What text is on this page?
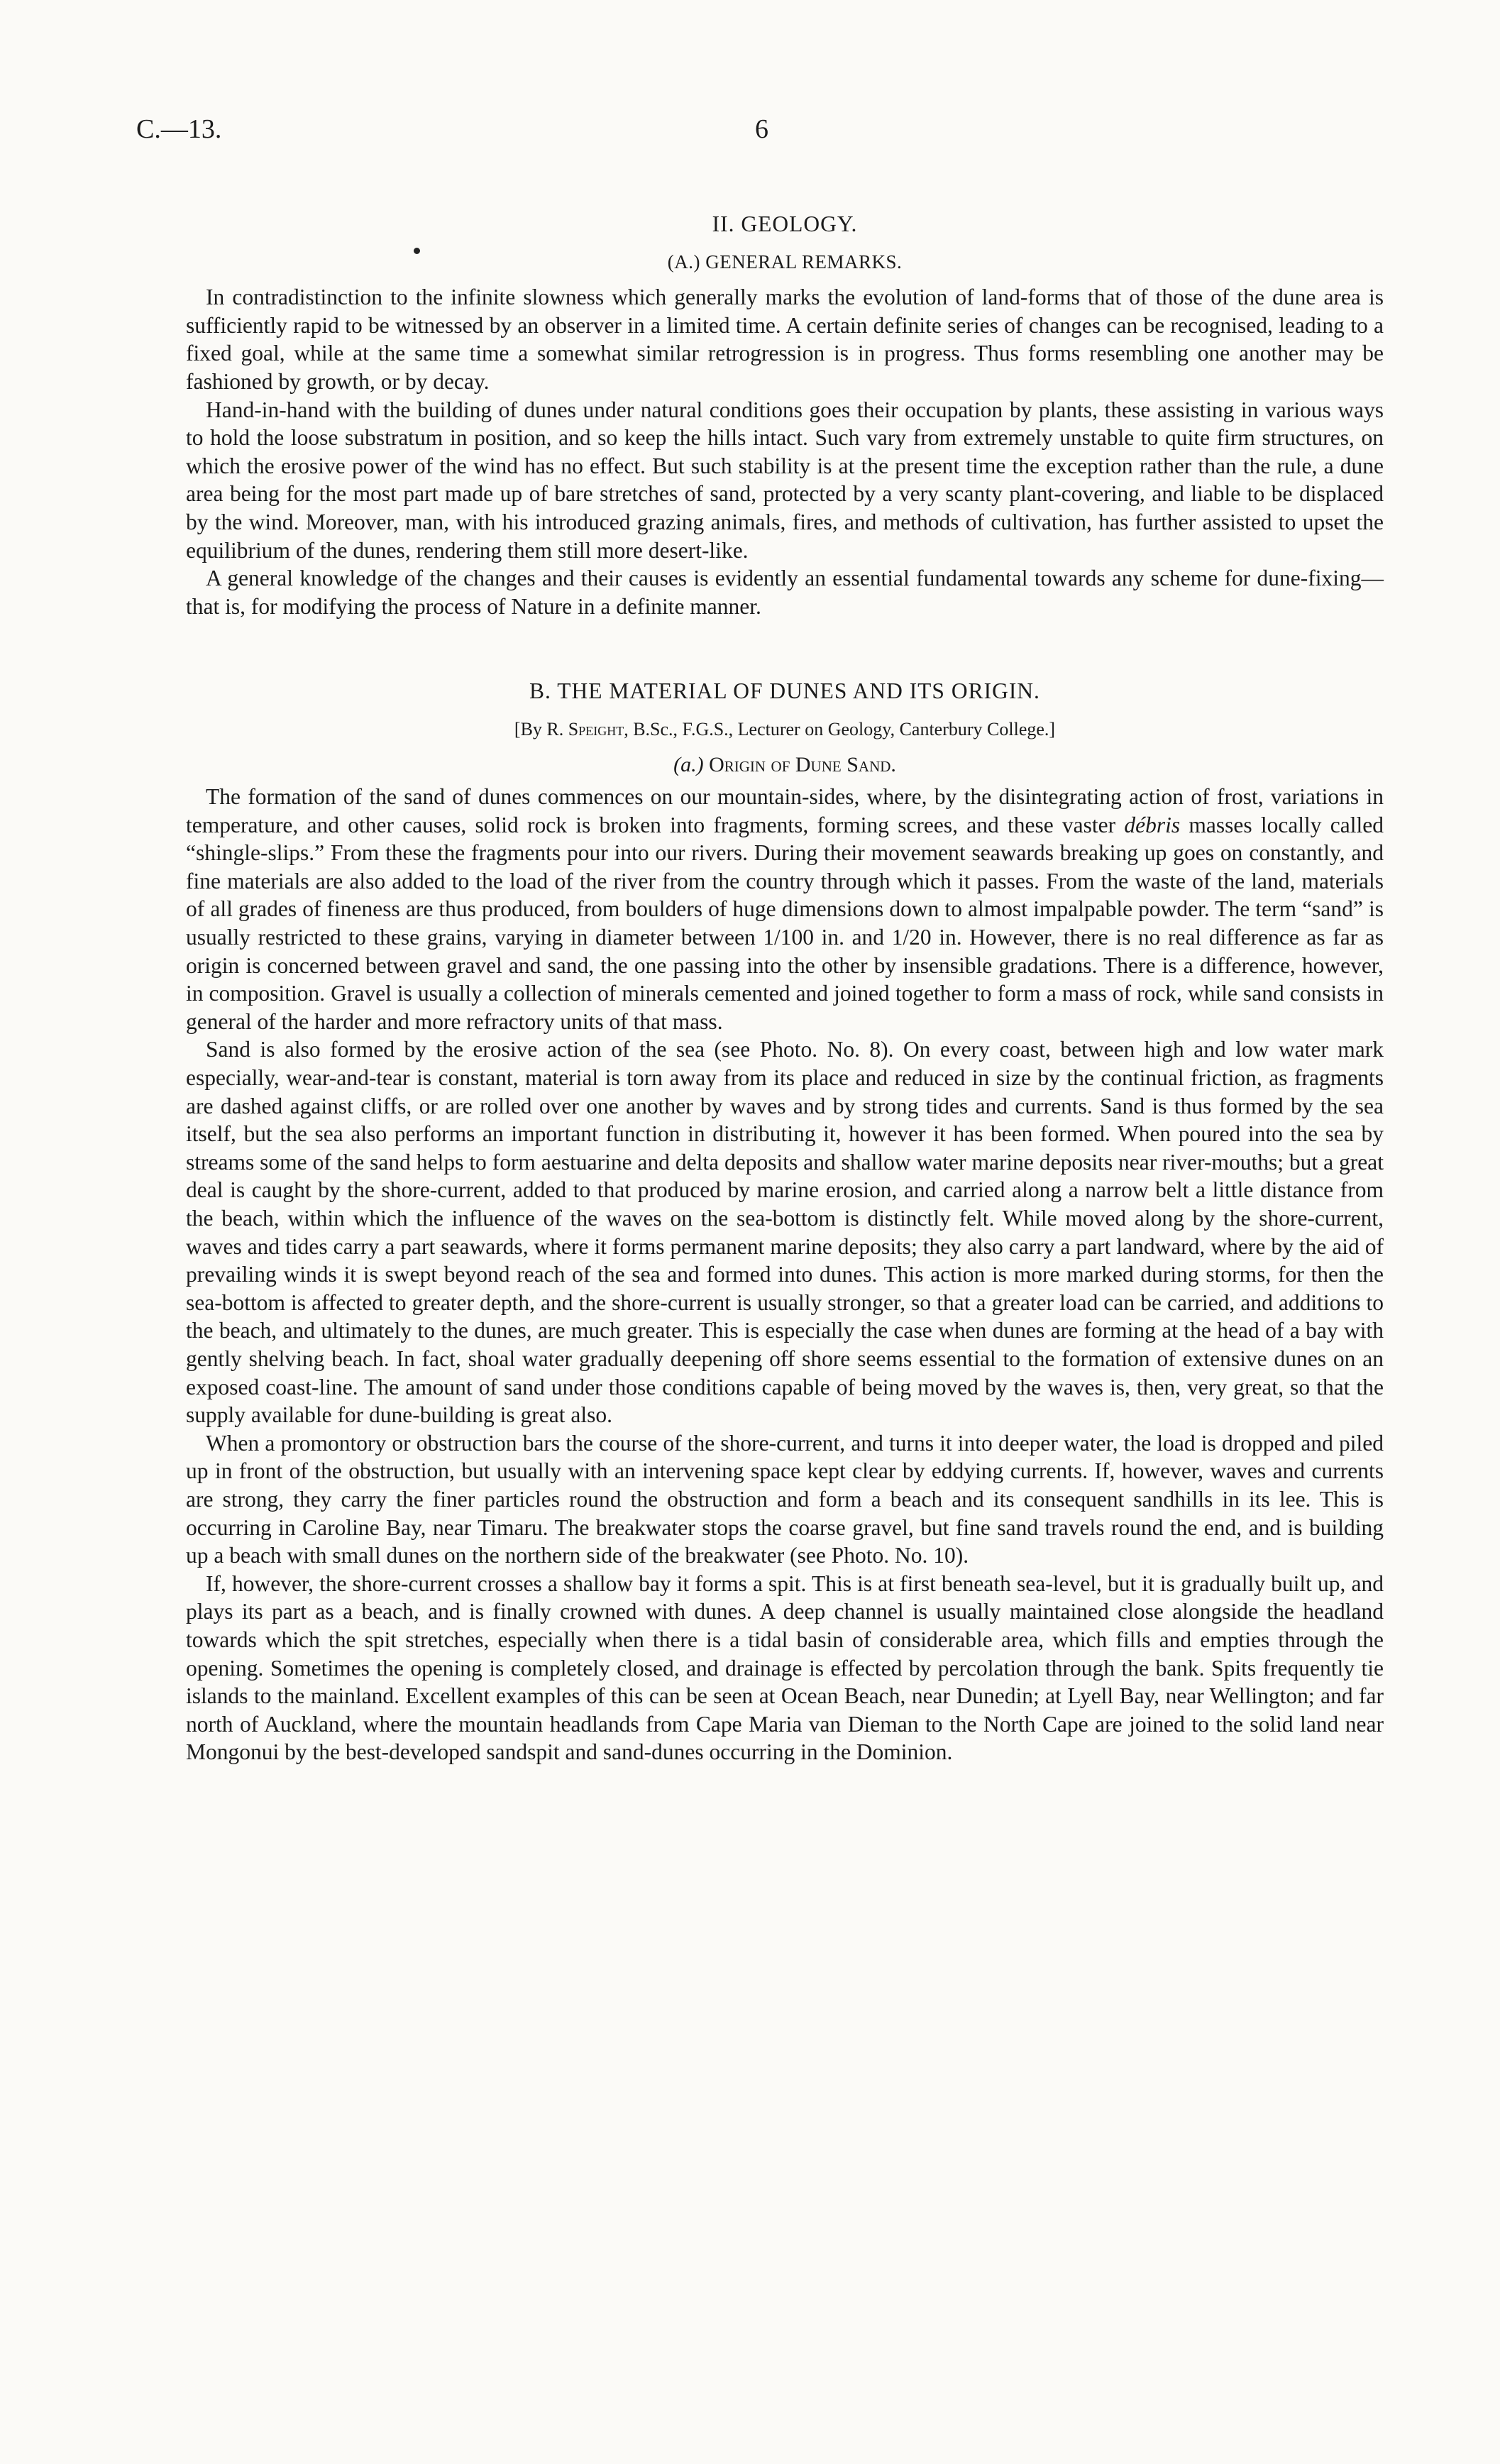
C.—13.	6
II. GEOLOGY.
(A.) GENERAL REMARKS.

In contradistinction to the infinite slowness which generally marks the evolution of land-forms that of those of the dune area is sufficiently rapid to be witnessed by an observer in a limited time. A certain definite series of changes can be recognised, leading to a fixed goal, while at the same time a somewhat similar retrogression is in progress. Thus forms resembling one another may be fashioned by growth, or by decay.

Hand-in-hand with the building of dunes under natural conditions goes their occupation by plants, these assisting in various ways to hold the loose substratum in position, and so keep the hills intact. Such vary from extremely unstable to quite firm structures, on which the erosive power of the wind has no effect. But such stability is at the present time the exception rather than the rule, a dune area being for the most part made up of bare stretches of sand, protected by a very scanty plant-covering, and liable to be displaced by the wind. Moreover, man, with his introduced grazing animals, fires, and methods of cultivation, has further assisted to upset the equilibrium of the dunes, rendering them still more desert-like.

A general knowledge of the changes and their causes is evidently an essential fundamental towards any scheme for dune-fixing—that is, for modifying the process of Nature in a definite manner.

B. THE MATERIAL OF DUNES AND ITS ORIGIN.
[By R. Speight, B.Sc., F.G.S., Lecturer on Geology, Canterbury College.]
(a.) Origin of Dune Sand.

The formation of the sand of dunes commences on our mountain-sides, where, by the disintegrating action of frost, variations in temperature, and other causes, solid rock is broken into fragments, forming screes, and these vaster débris masses locally called “shingle-slips.” From these the fragments pour into our rivers. During their movement seawards breaking up goes on constantly, and fine materials are also added to the load of the river from the country through which it passes. From the waste of the land, materials of all grades of fineness are thus produced, from boulders of huge dimensions down to almost impalpable powder. The term “sand” is usually restricted to these grains, varying in diameter between 1/100 in. and 1/20 in. However, there is no real difference as far as origin is concerned between gravel and sand, the one passing into the other by insensible gradations. There is a difference, however, in composition. Gravel is usually a collection of minerals cemented and joined together to form a mass of rock, while sand consists in general of the harder and more refractory units of that mass.

Sand is also formed by the erosive action of the sea (see Photo. No. 8). On every coast, between high and low water mark especially, wear-and-tear is constant, material is torn away from its place and reduced in size by the continual friction, as fragments are dashed against cliffs, or are rolled over one another by waves and by strong tides and currents. Sand is thus formed by the sea itself, but the sea also performs an important function in distributing it, however it has been formed. When poured into the sea by streams some of the sand helps to form aestuarine and delta deposits and shallow water marine deposits near river-mouths; but a great deal is caught by the shore-current, added to that produced by marine erosion, and carried along a narrow belt a little distance from the beach, within which the influence of the waves on the sea-bottom is distinctly felt. While moved along by the shore-current, waves and tides carry a part seawards, where it forms permanent marine deposits; they also carry a part landward, where by the aid of prevailing winds it is swept beyond reach of the sea and formed into dunes. This action is more marked during storms, for then the sea-bottom is affected to greater depth, and the shore-current is usually stronger, so that a greater load can be carried, and additions to the beach, and ultimately to the dunes, are much greater. This is especially the case when dunes are forming at the head of a bay with gently shelving beach. In fact, shoal water gradually deepening off shore seems essential to the formation of extensive dunes on an exposed coast-line. The amount of sand under those conditions capable of being moved by the waves is, then, very great, so that the supply available for dune-building is great also.

When a promontory or obstruction bars the course of the shore-current, and turns it into deeper water, the load is dropped and piled up in front of the obstruction, but usually with an intervening space kept clear by eddying currents. If, however, waves and currents are strong, they carry the finer particles round the obstruction and form a beach and its consequent sandhills in its lee. This is occurring in Caroline Bay, near Timaru. The breakwater stops the coarse gravel, but fine sand travels round the end, and is building up a beach with small dunes on the northern side of the breakwater (see Photo. No. 10).

If, however, the shore-current crosses a shallow bay it forms a spit. This is at first beneath sea-level, but it is gradually built up, and plays its part as a beach, and is finally crowned with dunes. A deep channel is usually maintained close alongside the headland towards which the spit stretches, especially when there is a tidal basin of considerable area, which fills and empties through the opening. Sometimes the opening is completely closed, and drainage is effected by percolation through the bank. Spits frequently tie islands to the mainland. Excellent examples of this can be seen at Ocean Beach, near Dunedin; at Lyell Bay, near Wellington; and far north of Auckland, where the mountain headlands from Cape Maria van Dieman to the North Cape are joined to the solid land near Mongonui by the best-developed sandspit and sand-dunes occurring in the Dominion.
